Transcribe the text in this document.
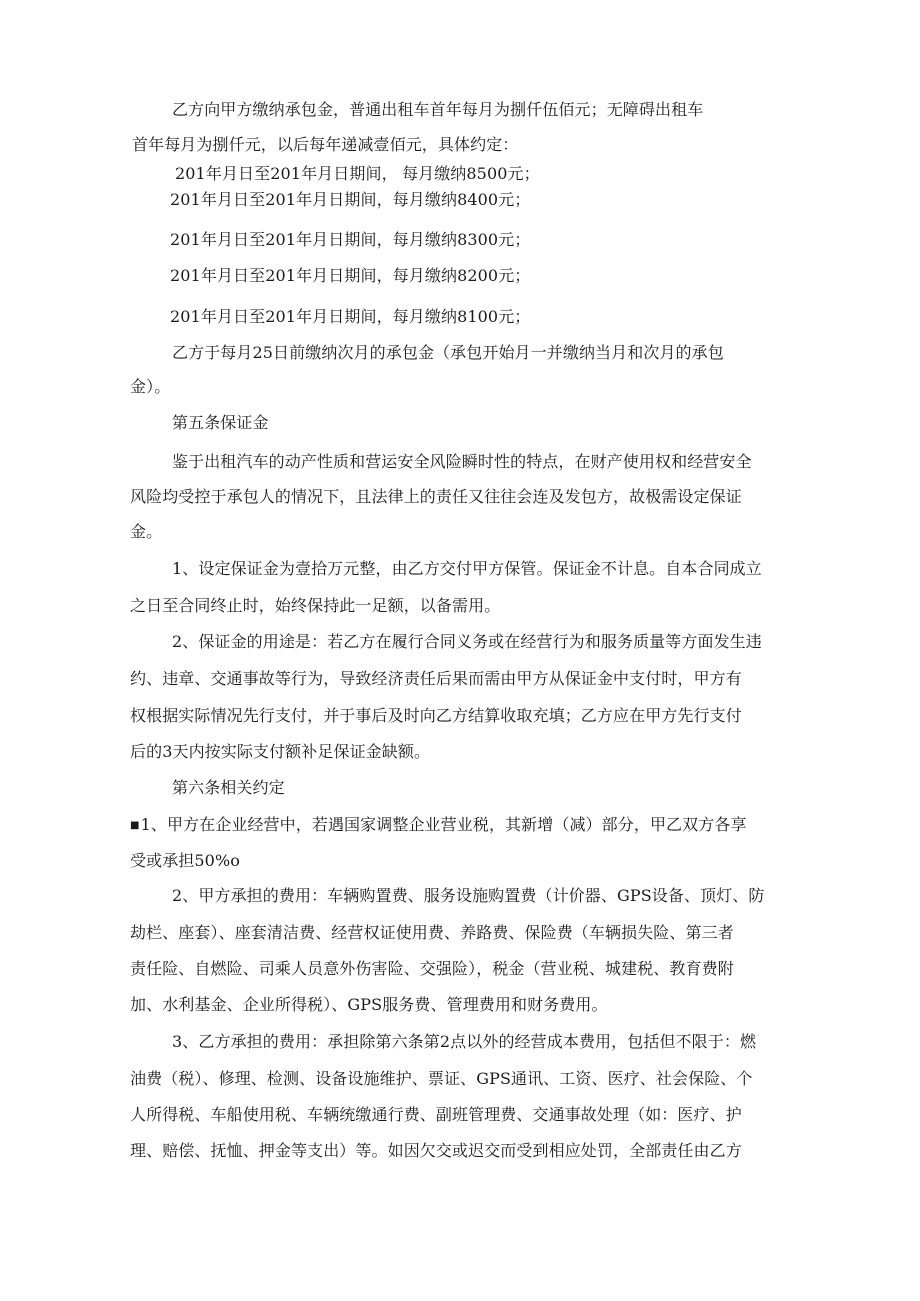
乙方向甲方缴纳承包金，普通出租车首年每月为捌仟伍佰元；无障碍出租车
首年每月为捌仟元，以后每年递减壹佰元，具体约定：
201年月日至201年月日期间， 每月缴纳8500元；
201年月日至201年月日期间，每月缴纳8400元；
201年月日至201年月日期间，每月缴纳8300元；
201年月日至201年月日期间，每月缴纳8200元；
201年月日至201年月日期间，每月缴纳8100元；
乙方于每月25日前缴纳次月的承包金（承包开始月一并缴纳当月和次月的承包
金）。
第五条保证金
鉴于出租汽车的动产性质和营运安全风险瞬时性的特点，在财产使用权和经营安全
风险均受控于承包人的情况下，且法律上的责任又往往会连及发包方，故极需设定保证
金。
1、设定保证金为壹拾万元整，由乙方交付甲方保管。保证金不计息。自本合同成立
之日至合同终止时，始终保持此一足额，以备需用。
2、保证金的用途是：若乙方在履行合同义务或在经营行为和服务质量等方面发生违
约、违章、交通事故等行为，导致经济责任后果而需由甲方从保证金中支付时，甲方有
权根据实际情况先行支付，并于事后及时向乙方结算收取充填；乙方应在甲方先行支付
后的3天内按实际支付额补足保证金缺额。
第六条相关约定
■1、甲方在企业经营中，若遇国家调整企业营业税，其新增（减）部分，甲乙双方各享
受或承担50%o
2、甲方承担的费用：车辆购置费、服务设施购置费（计价器、GPS设备、顶灯、防
劫栏、座套）、座套清洁费、经营权证使用费、养路费、保险费（车辆损失险、第三者
责任险、自燃险、司乘人员意外伤害险、交强险），税金（营业税、城建税、教育费附
加、水利基金、企业所得税）、GPS服务费、管理费用和财务费用。
3、乙方承担的费用：承担除第六条第2点以外的经营成本费用，包括但不限于：燃
油费（税）、修理、检测、设备设施维护、票证、GPS通讯、工资、医疗、社会保险、个
人所得税、车船使用税、车辆统缴通行费、副班管理费、交通事故处理（如：医疗、护
理、赔偿、抚恤、押金等支出）等。如因欠交或迟交而受到相应处罚，全部责任由乙方
